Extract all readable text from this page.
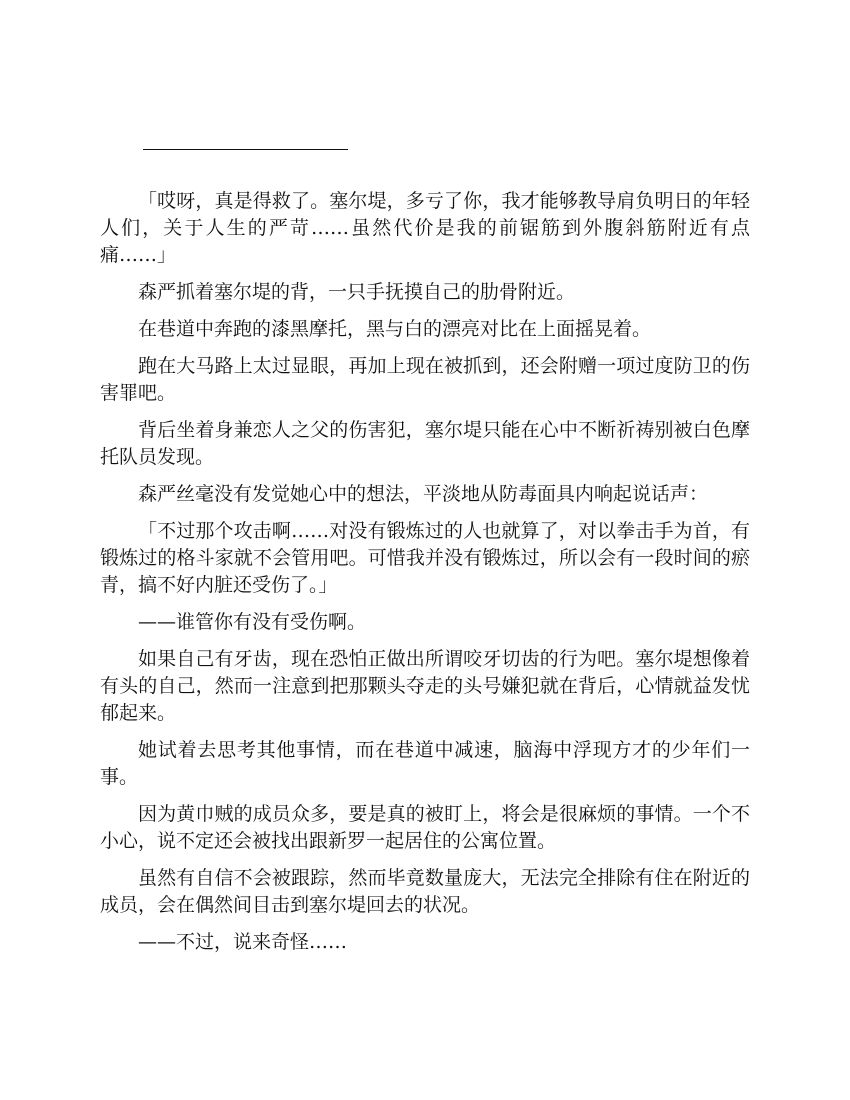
「哎呀，真是得救了。塞尔堤，多亏了你，我才能够教导肩负明日的年轻人们，关于人生的严苛……虽然代价是我的前锯筋到外腹斜筋附近有点痛……」

森严抓着塞尔堤的背，一只手抚摸自己的肋骨附近。

在巷道中奔跑的漆黑摩托，黑与白的漂亮对比在上面摇晃着。

跑在大马路上太过显眼，再加上现在被抓到，还会附赠一项过度防卫的伤害罪吧。

背后坐着身兼恋人之父的伤害犯，塞尔堤只能在心中不断祈祷别被白色摩托队员发现。

森严丝毫没有发觉她心中的想法，平淡地从防毒面具内响起说话声：

「不过那个攻击啊……对没有锻炼过的人也就算了，对以拳击手为首，有锻炼过的格斗家就不会管用吧。可惜我并没有锻炼过，所以会有一段时间的瘀青，搞不好内脏还受伤了。」

——谁管你有没有受伤啊。

如果自己有牙齿，现在恐怕正做出所谓咬牙切齿的行为吧。塞尔堤想像着有头的自己，然而一注意到把那颗头夺走的头号嫌犯就在背后，心情就益发忧郁起来。

她试着去思考其他事情，而在巷道中减速，脑海中浮现方才的少年们一事。

因为黄巾贼的成员众多，要是真的被盯上，将会是很麻烦的事情。一个不小心，说不定还会被找出跟新罗一起居住的公寓位置。

虽然有自信不会被跟踪，然而毕竟数量庞大，无法完全排除有住在附近的成员，会在偶然间目击到塞尔堤回去的状况。

——不过，说来奇怪……
